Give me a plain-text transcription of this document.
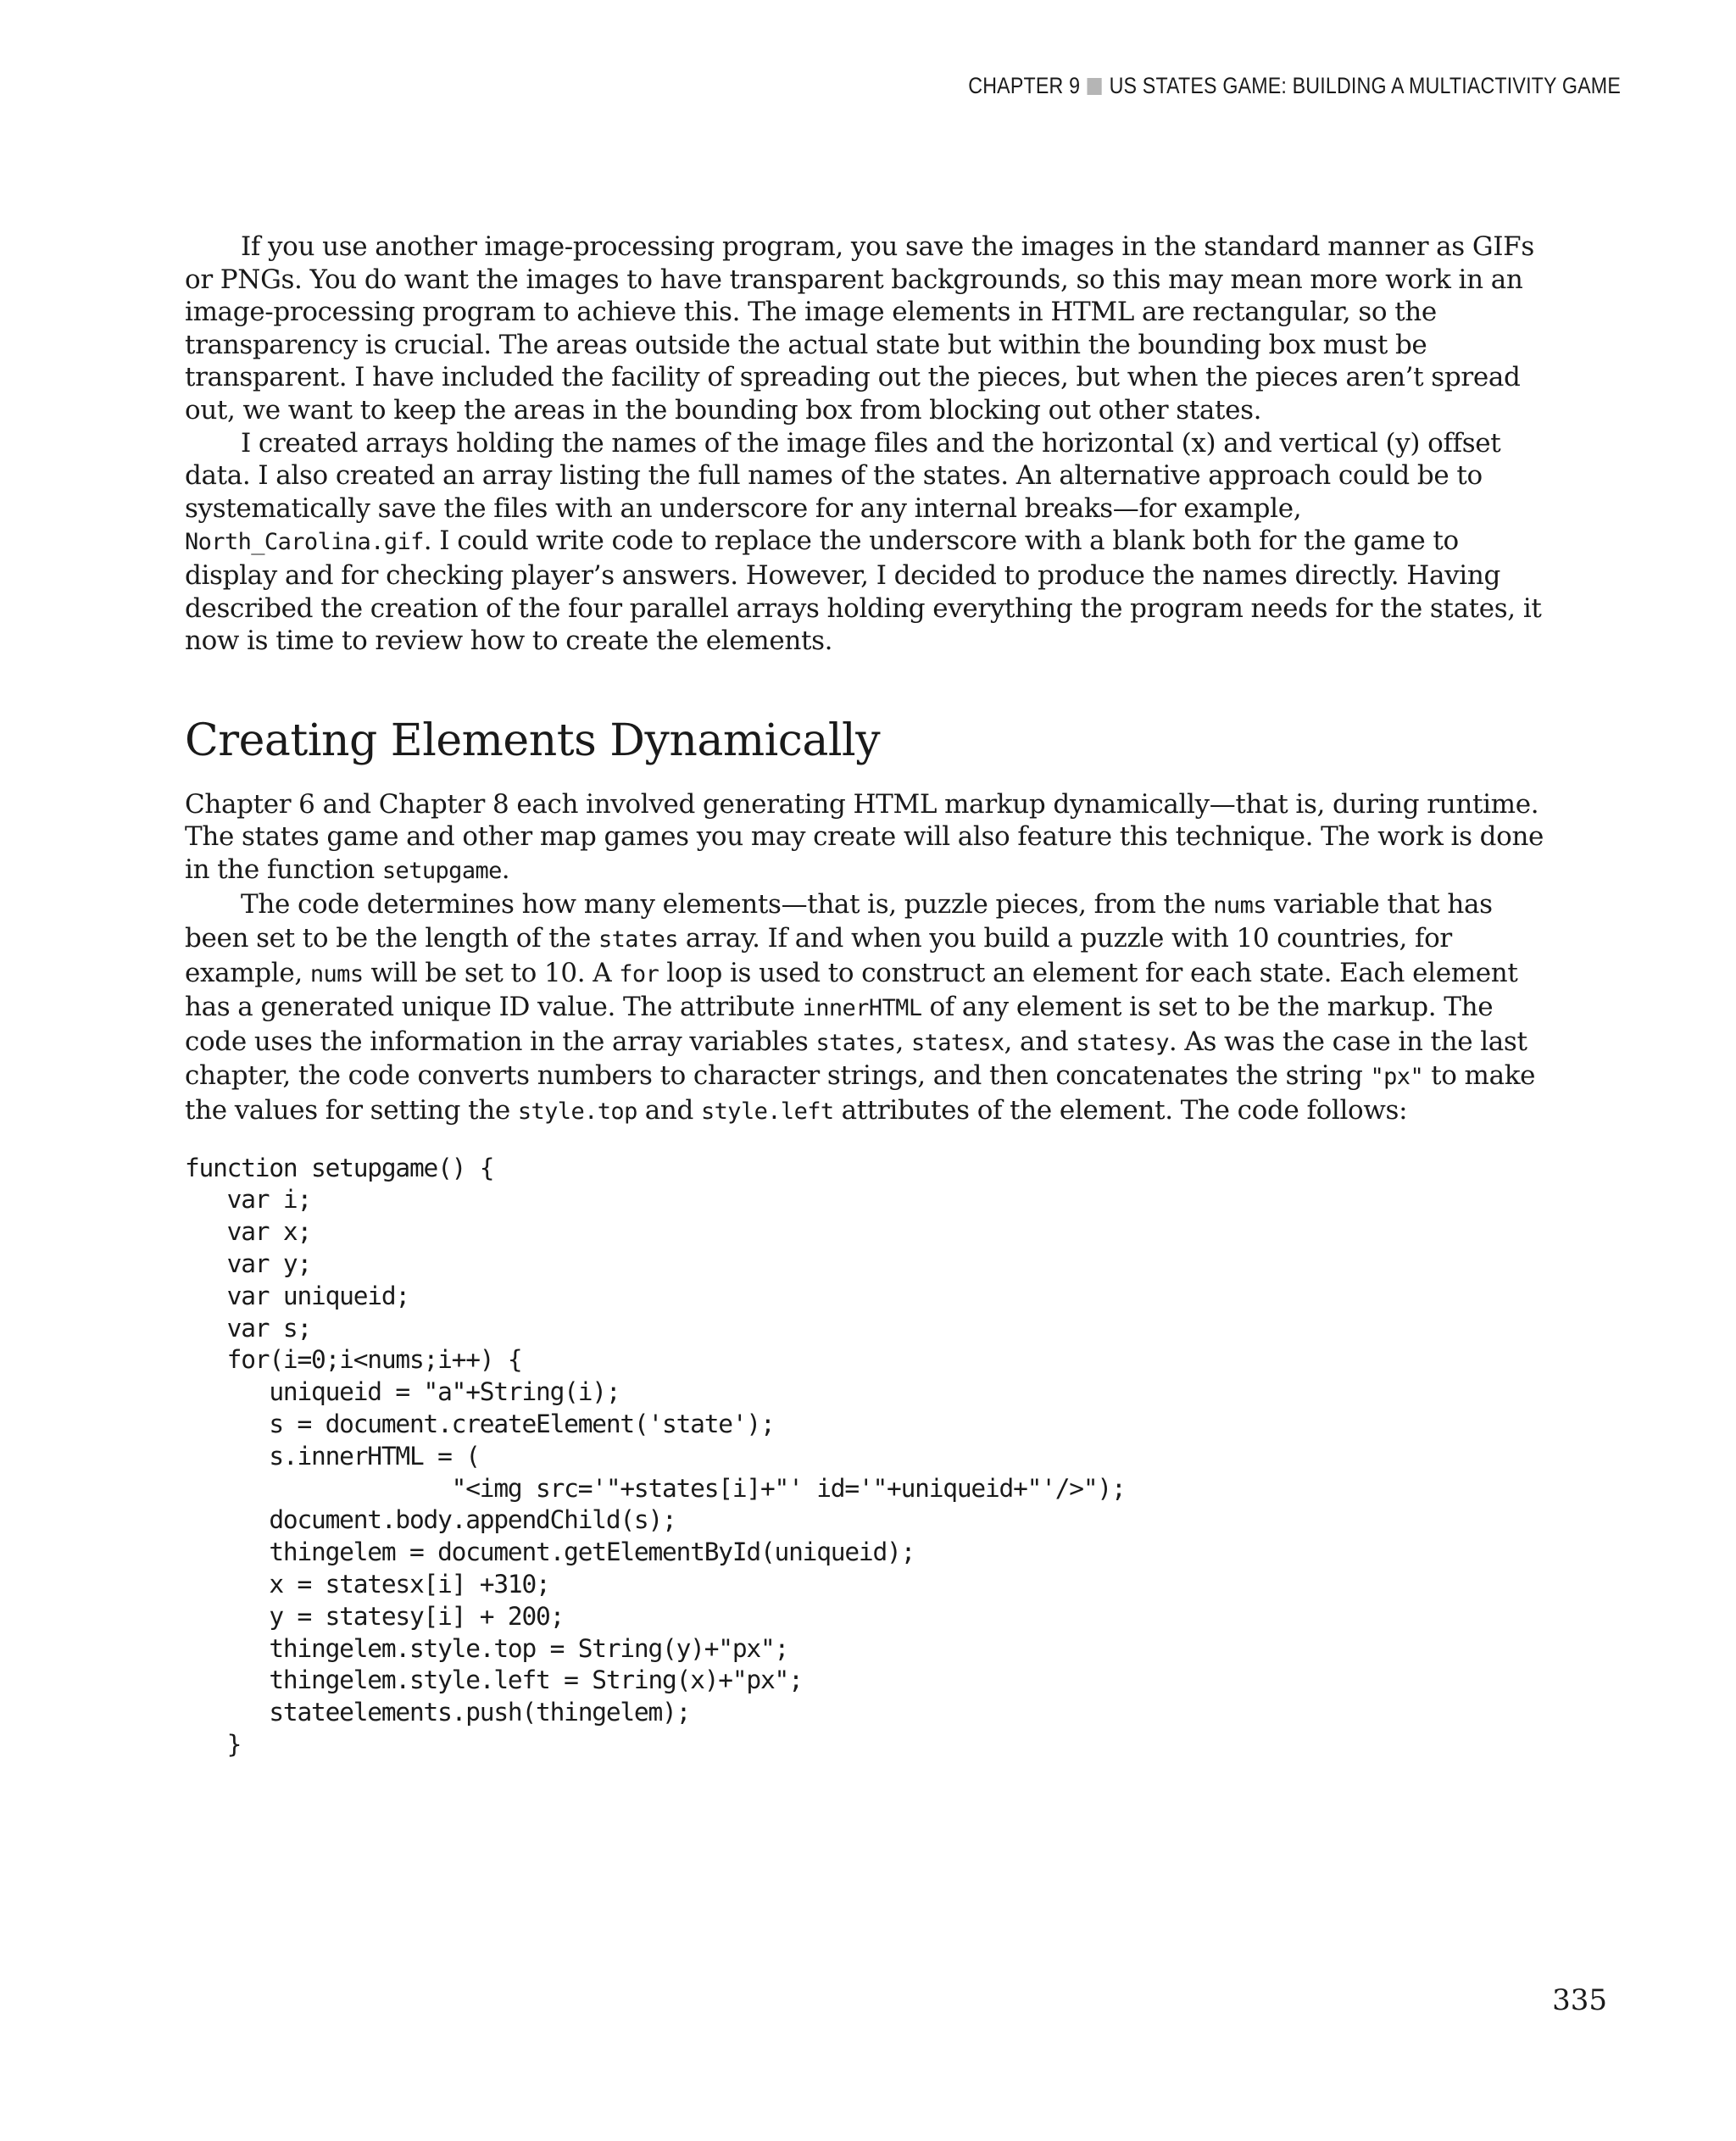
CHAPTER 9 US STATES GAME: BUILDING A MULTIACTIVITY GAME

If you use another image-processing program, you save the images in the standard manner as GIFs or PNGs. You do want the images to have transparent backgrounds, so this may mean more work in an image-processing program to achieve this. The image elements in HTML are rectangular, so the transparency is crucial. The areas outside the actual state but within the bounding box must be transparent. I have included the facility of spreading out the pieces, but when the pieces aren’t spread out, we want to keep the areas in the bounding box from blocking out other states.

I created arrays holding the names of the image files and the horizontal (x) and vertical (y) offset data. I also created an array listing the full names of the states. An alternative approach could be to systematically save the files with an underscore for any internal breaks—for example, North_Carolina.gif. I could write code to replace the underscore with a blank both for the game to display and for checking player’s answers. However, I decided to produce the names directly. Having described the creation of the four parallel arrays holding everything the program needs for the states, it now is time to review how to create the elements.

Creating Elements Dynamically

Chapter 6 and Chapter 8 each involved generating HTML markup dynamically—that is, during runtime. The states game and other map games you may create will also feature this technique. The work is done in the function setupgame.

The code determines how many elements—that is, puzzle pieces, from the nums variable that has been set to be the length of the states array. If and when you build a puzzle with 10 countries, for example, nums will be set to 10. A for loop is used to construct an element for each state. Each element has a generated unique ID value. The attribute innerHTML of any element is set to be the markup. The code uses the information in the array variables states, statesx, and statesy. As was the case in the last chapter, the code converts numbers to character strings, and then concatenates the string "px" to make the values for setting the style.top and style.left attributes of the element. The code follows:

function setupgame() {
var i;
var x;
var y;
var uniqueid;
var s;
for(i=0;i<nums;i++) {
uniqueid = "a"+String(i);
s = document.createElement('state');
s.innerHTML = (
"<img src='"+states[i]+"' id='"+uniqueid+"'/>");
document.body.appendChild(s);
thingelem = document.getElementById(uniqueid);
x = statesx[i] +310;
y = statesy[i] + 200;
thingelem.style.top = String(y)+"px";
thingelem.style.left = String(x)+"px";
stateelements.push(thingelem);
}
335
